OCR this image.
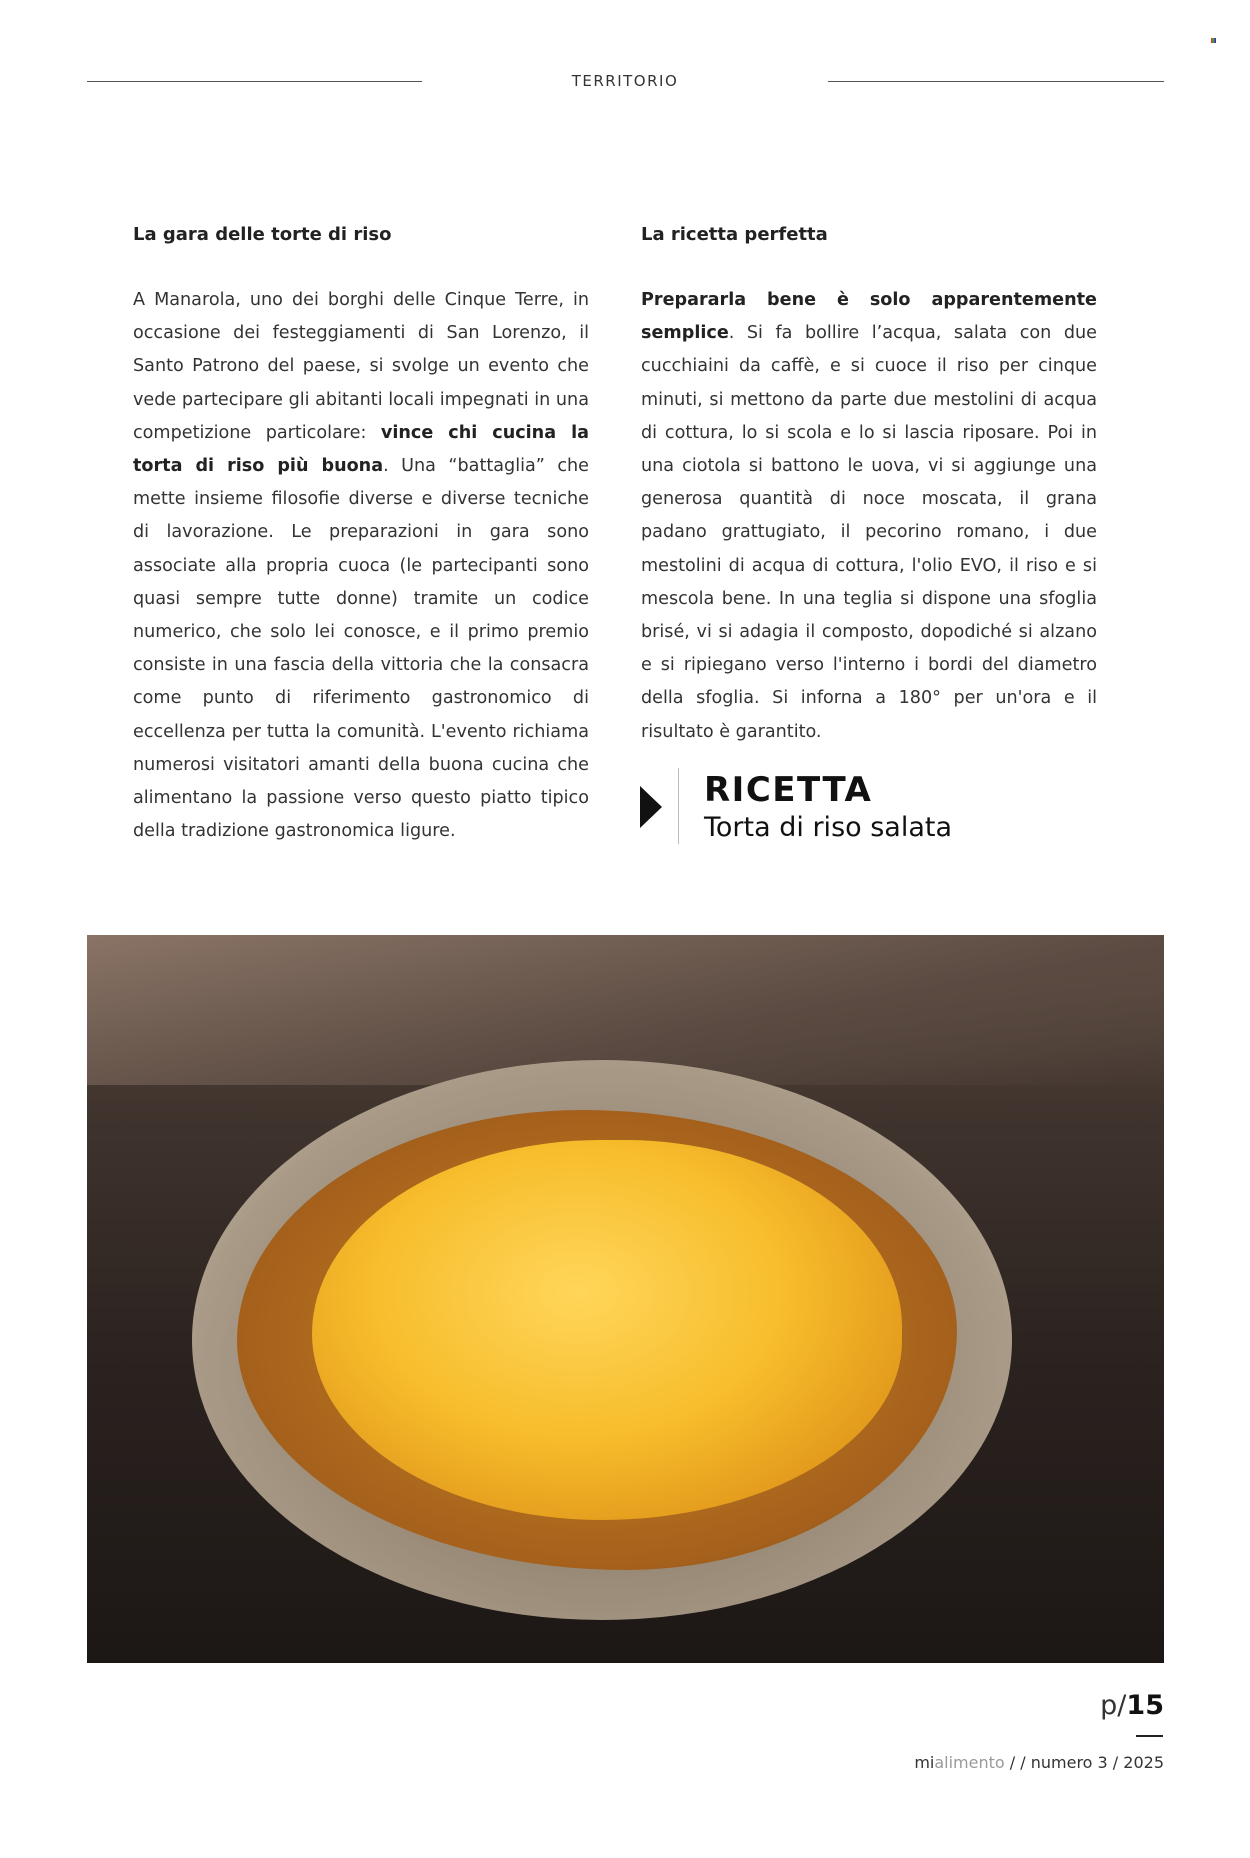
TERRITORIO
La gara delle torte di riso

A Manarola, uno dei borghi delle Cinque Terre, in occasione dei festeggiamenti di San Lorenzo, il Santo Patrono del paese, si svolge un evento che vede partecipare gli abitanti locali impegnati in una competizione particolare: vince chi cucina la torta di riso più buona. Una “battaglia” che mette insieme filosofie diverse e diverse tecniche di lavorazione. Le preparazioni in gara sono associate alla propria cuoca (le partecipanti sono quasi sempre tutte donne) tramite un codice numerico, che solo lei conosce, e il primo premio consiste in una fascia della vittoria che la consacra come punto di riferimento gastronomico di eccellenza per tutta la comunità. L'evento richiama numerosi visitatori amanti della buona cucina che alimentano la passione verso questo piatto tipico della tradizione gastronomica ligure.

La ricetta perfetta

Prepararla bene è solo apparentemente semplice. Si fa bollire l’acqua, salata con due cucchiaini da caffè, e si cuoce il riso per cinque minuti, si mettono da parte due mestolini di acqua di cottura, lo si scola e lo si lascia riposare. Poi in una ciotola si battono le uova, vi si aggiunge una generosa quantità di noce moscata, il grana padano grattugiato, il pecorino romano, i due mestolini di acqua di cottura, l'olio EVO, il riso e si mescola bene. In una teglia si dispone una sfoglia brisé, vi si adagia il composto, dopodiché si alzano e si ripiegano verso l'interno i bordi del diametro della sfoglia. Si inforna a 180° per un'ora e il risultato è garantito.

RICETTA
Torta di riso salata
p/15
mialimento / / numero 3 / 2025
